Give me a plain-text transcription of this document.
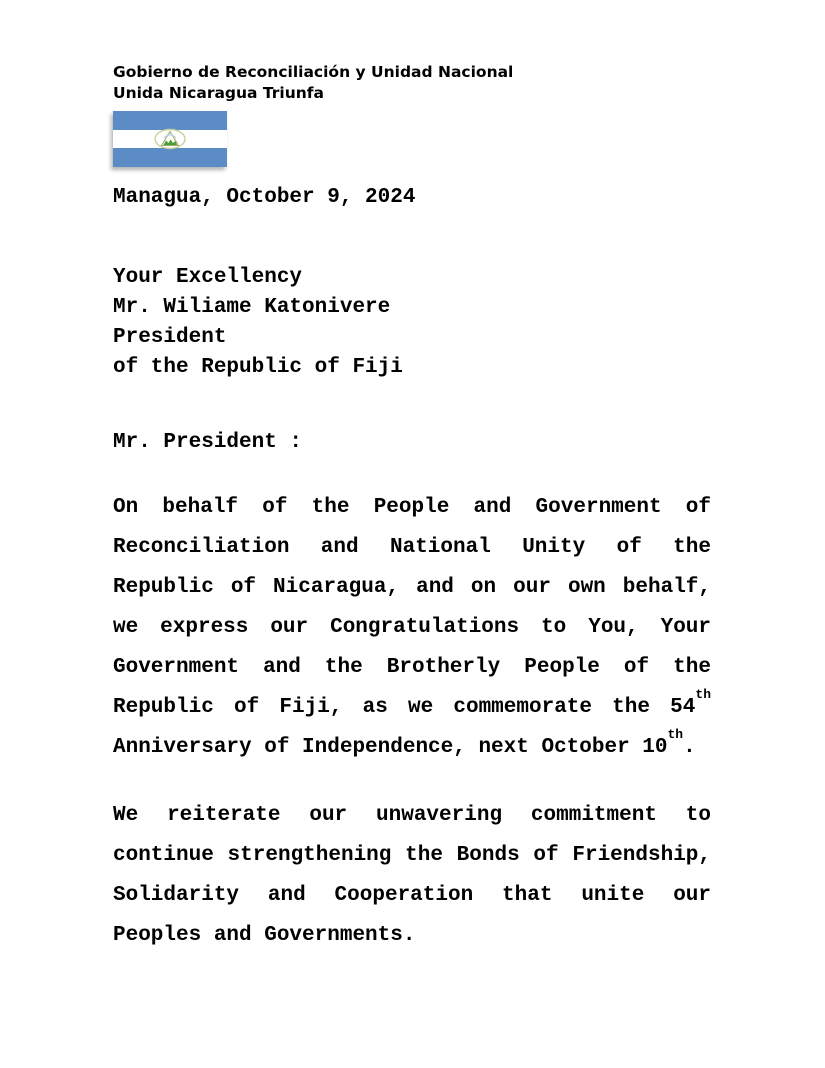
Gobierno de Reconciliación y Unidad Nacional
Unida Nicaragua Triunfa
Managua, October 9, 2024
Your Excellency
Mr. Wiliame Katonivere
President
of the Republic of Fiji
Mr. President :

On behalf of the People and Government of Reconciliation and National Unity of the Republic of Nicaragua, and on our own behalf, we express our Congratulations to You, Your Government and the Brotherly People of the Republic of Fiji, as we commemorate the 54th Anniversary of Independence, next October 10th.

We reiterate our unwavering commitment to continue strengthening the Bonds of Friendship, Solidarity and Cooperation that unite our Peoples and Governments.
